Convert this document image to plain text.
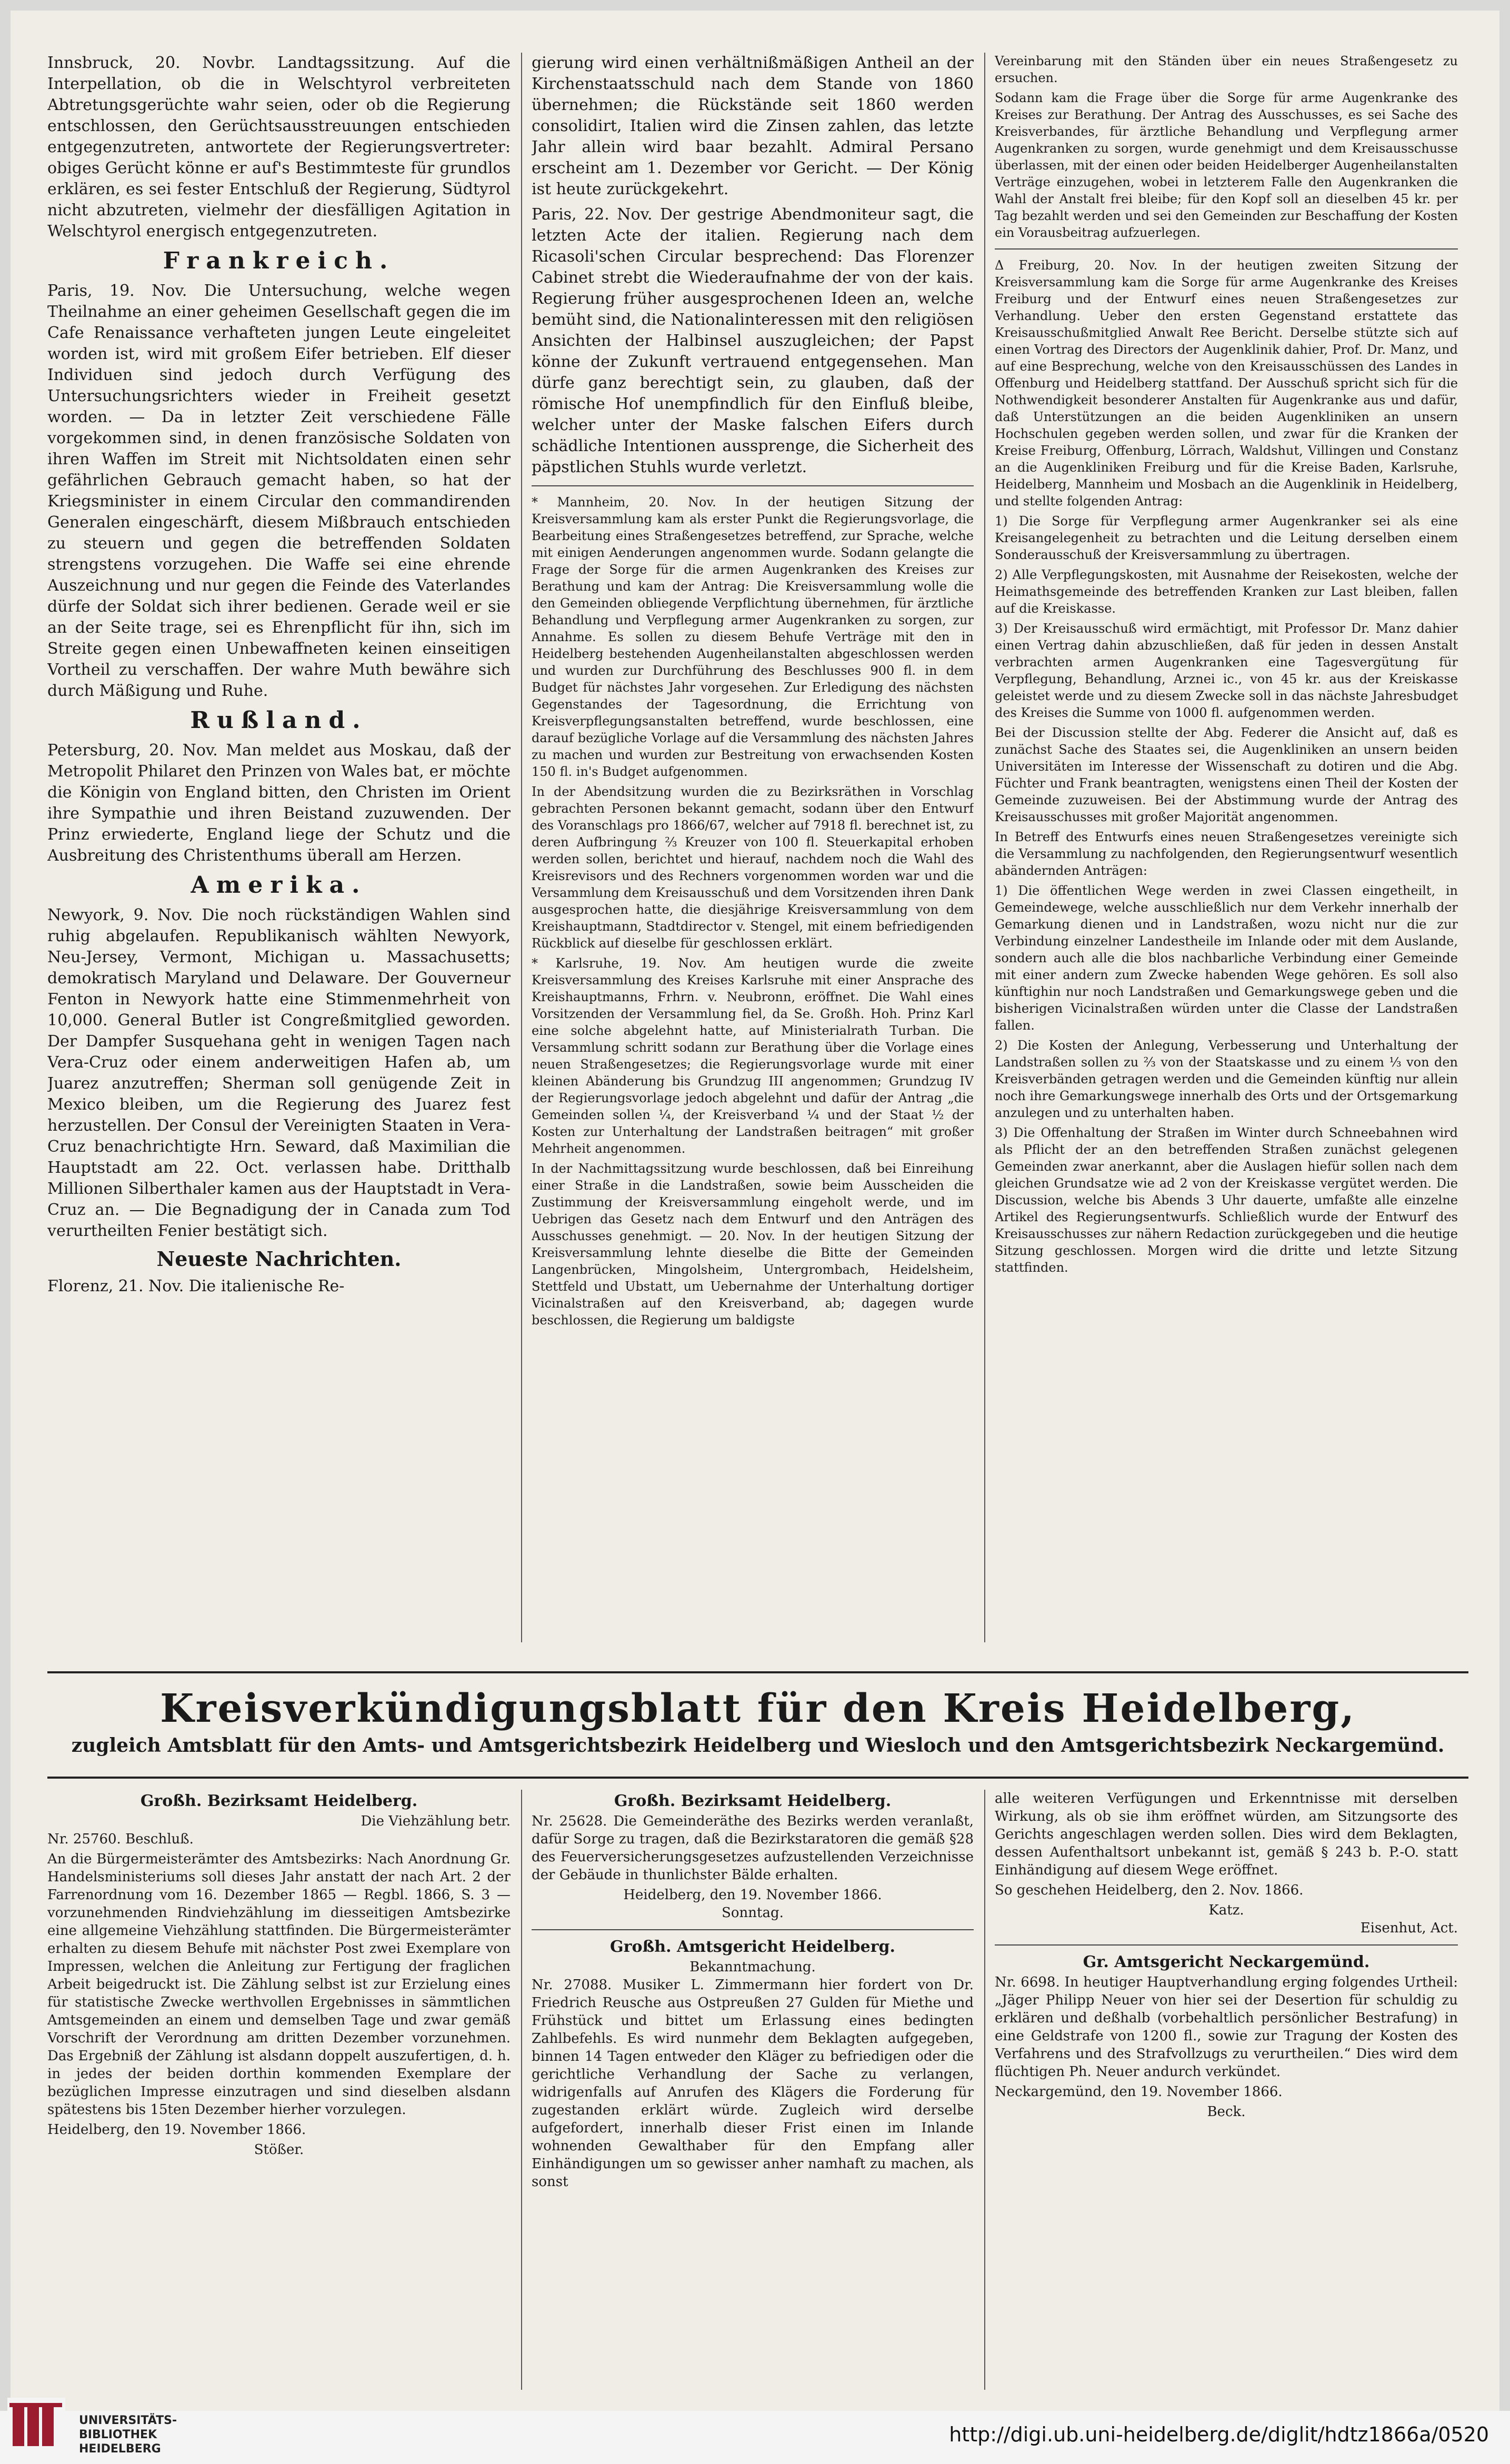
Innsbruck, 20. Novbr. Landtagssitzung. Auf die Interpellation, ob die in Welschtyrol verbreiteten Abtretungsgerüchte wahr seien, oder ob die Regierung entschlossen, den Gerüchtsausstreuungen entschieden entgegenzutreten, antwortete der Regierungsvertreter: obiges Gerücht könne er auf's Bestimmteste für grundlos erklären, es sei fester Entschluß der Regierung, Südtyrol nicht abzutreten, vielmehr der diesfälligen Agitation in Welschtyrol energisch entgegenzutreten.

Frankreich.

Paris, 19. Nov. Die Untersuchung, welche wegen Theilnahme an einer geheimen Gesellschaft gegen die im Cafe Renaissance verhafteten jungen Leute eingeleitet worden ist, wird mit großem Eifer betrieben. Elf dieser Individuen sind jedoch durch Verfügung des Untersuchungsrichters wieder in Freiheit gesetzt worden. — Da in letzter Zeit verschiedene Fälle vorgekommen sind, in denen französische Soldaten von ihren Waffen im Streit mit Nichtsoldaten einen sehr gefährlichen Gebrauch gemacht haben, so hat der Kriegsminister in einem Circular den commandirenden Generalen eingeschärft, diesem Mißbrauch entschieden zu steuern und gegen die betreffenden Soldaten strengstens vorzugehen. Die Waffe sei eine ehrende Auszeichnung und nur gegen die Feinde des Vaterlandes dürfe der Soldat sich ihrer bedienen. Gerade weil er sie an der Seite trage, sei es Ehrenpflicht für ihn, sich im Streite gegen einen Unbewaffneten keinen einseitigen Vortheil zu verschaffen. Der wahre Muth bewähre sich durch Mäßigung und Ruhe.

Rußland.

Petersburg, 20. Nov. Man meldet aus Moskau, daß der Metropolit Philaret den Prinzen von Wales bat, er möchte die Königin von England bitten, den Christen im Orient ihre Sympathie und ihren Beistand zuzuwenden. Der Prinz erwiederte, England liege der Schutz und die Ausbreitung des Christenthums überall am Herzen.

Amerika.

Newyork, 9. Nov. Die noch rückständigen Wahlen sind ruhig abgelaufen. Republikanisch wählten Newyork, Neu-Jersey, Vermont, Michigan u. Massachusetts; demokratisch Maryland und Delaware. Der Gouverneur Fenton in Newyork hatte eine Stimmenmehrheit von 10,000. General Butler ist Congreßmitglied geworden. Der Dampfer Susquehana geht in wenigen Tagen nach Vera-Cruz oder einem anderweitigen Hafen ab, um Juarez anzutreffen; Sherman soll genügende Zeit in Mexico bleiben, um die Regierung des Juarez fest herzustellen. Der Consul der Vereinigten Staaten in Vera-Cruz benachrichtigte Hrn. Seward, daß Maximilian die Hauptstadt am 22. Oct. verlassen habe. Dritthalb Millionen Silberthaler kamen aus der Hauptstadt in Vera-Cruz an. — Die Begnadigung der in Canada zum Tod verurtheilten Fenier bestätigt sich.

Neueste Nachrichten.

Florenz, 21. Nov. Die italienische Re-

gierung wird einen verhältnißmäßigen Antheil an der Kirchenstaatsschuld nach dem Stande von 1860 übernehmen; die Rückstände seit 1860 werden consolidirt, Italien wird die Zinsen zahlen, das letzte Jahr allein wird baar bezahlt. Admiral Persano erscheint am 1. Dezember vor Gericht. — Der König ist heute zurückgekehrt.

Paris, 22. Nov. Der gestrige Abendmoniteur sagt, die letzten Acte der italien. Regierung nach dem Ricasoli'schen Circular besprechend: Das Florenzer Cabinet strebt die Wiederaufnahme der von der kais. Regierung früher ausgesprochenen Ideen an, welche bemüht sind, die Nationalinteressen mit den religiösen Ansichten der Halbinsel auszugleichen; der Papst könne der Zukunft vertrauend entgegensehen. Man dürfe ganz berechtigt sein, zu glauben, daß der römische Hof unempfindlich für den Einfluß bleibe, welcher unter der Maske falschen Eifers durch schädliche Intentionen aussprenge, die Sicherheit des päpstlichen Stuhls wurde verletzt.

* Mannheim, 20. Nov. In der heutigen Sitzung der Kreisversammlung kam als erster Punkt die Regierungsvorlage, die Bearbeitung eines Straßengesetzes betreffend, zur Sprache, welche mit einigen Aenderungen angenommen wurde. Sodann gelangte die Frage der Sorge für die armen Augenkranken des Kreises zur Berathung und kam der Antrag: Die Kreisversammlung wolle die den Gemeinden obliegende Verpflichtung übernehmen, für ärztliche Behandlung und Verpflegung armer Augenkranken zu sorgen, zur Annahme. Es sollen zu diesem Behufe Verträge mit den in Heidelberg bestehenden Augenheilanstalten abgeschlossen werden und wurden zur Durchführung des Beschlusses 900 fl. in dem Budget für nächstes Jahr vorgesehen. Zur Erledigung des nächsten Gegenstandes der Tagesordnung, die Errichtung von Kreisverpflegungsanstalten betreffend, wurde beschlossen, eine darauf bezügliche Vorlage auf die Versammlung des nächsten Jahres zu machen und wurden zur Bestreitung von erwachsenden Kosten 150 fl. in's Budget aufgenommen.

In der Abendsitzung wurden die zu Bezirksräthen in Vorschlag gebrachten Personen bekannt gemacht, sodann über den Entwurf des Voranschlags pro 1866/67, welcher auf 7918 fl. berechnet ist, zu deren Aufbringung ⅔ Kreuzer von 100 fl. Steuerkapital erhoben werden sollen, berichtet und hierauf, nachdem noch die Wahl des Kreisrevisors und des Rechners vorgenommen worden war und die Versammlung dem Kreisausschuß und dem Vorsitzenden ihren Dank ausgesprochen hatte, die diesjährige Kreisversammlung von dem Kreishauptmann, Stadtdirector v. Stengel, mit einem befriedigenden Rückblick auf dieselbe für geschlossen erklärt.

* Karlsruhe, 19. Nov. Am heutigen wurde die zweite Kreisversammlung des Kreises Karlsruhe mit einer Ansprache des Kreishauptmanns, Frhrn. v. Neubronn, eröffnet. Die Wahl eines Vorsitzenden der Versammlung fiel, da Se. Großh. Hoh. Prinz Karl eine solche abgelehnt hatte, auf Ministerialrath Turban. Die Versammlung schritt sodann zur Berathung über die Vorlage eines neuen Straßengesetzes; die Regierungsvorlage wurde mit einer kleinen Abänderung bis Grundzug III angenommen; Grundzug IV der Regierungsvorlage jedoch abgelehnt und dafür der Antrag „die Gemeinden sollen ¼, der Kreisverband ¼ und der Staat ½ der Kosten zur Unterhaltung der Landstraßen beitragen“ mit großer Mehrheit angenommen.

In der Nachmittagssitzung wurde beschlossen, daß bei Einreihung einer Straße in die Landstraßen, sowie beim Ausscheiden die Zustimmung der Kreisversammlung eingeholt werde, und im Uebrigen das Gesetz nach dem Entwurf und den Anträgen des Ausschusses genehmigt. — 20. Nov. In der heutigen Sitzung der Kreisversammlung lehnte dieselbe die Bitte der Gemeinden Langenbrücken, Mingolsheim, Untergrombach, Heidelsheim, Stettfeld und Ubstatt, um Uebernahme der Unterhaltung dortiger Vicinalstraßen auf den Kreisverband, ab; dagegen wurde beschlossen, die Regierung um baldigste

Vereinbarung mit den Ständen über ein neues Straßengesetz zu ersuchen.

Sodann kam die Frage über die Sorge für arme Augenkranke des Kreises zur Berathung. Der Antrag des Ausschusses, es sei Sache des Kreisverbandes, für ärztliche Behandlung und Verpflegung armer Augenkranken zu sorgen, wurde genehmigt und dem Kreisausschusse überlassen, mit der einen oder beiden Heidelberger Augenheilanstalten Verträge einzugehen, wobei in letzterem Falle den Augenkranken die Wahl der Anstalt frei bleibe; für den Kopf soll an dieselben 45 kr. per Tag bezahlt werden und sei den Gemeinden zur Beschaffung der Kosten ein Vorausbeitrag aufzuerlegen.

Δ Freiburg, 20. Nov. In der heutigen zweiten Sitzung der Kreisversammlung kam die Sorge für arme Augenkranke des Kreises Freiburg und der Entwurf eines neuen Straßengesetzes zur Verhandlung. Ueber den ersten Gegenstand erstattete das Kreisausschußmitglied Anwalt Ree Bericht. Derselbe stützte sich auf einen Vortrag des Directors der Augenklinik dahier, Prof. Dr. Manz, und auf eine Besprechung, welche von den Kreisausschüssen des Landes in Offenburg und Heidelberg stattfand. Der Ausschuß spricht sich für die Nothwendigkeit besonderer Anstalten für Augenkranke aus und dafür, daß Unterstützungen an die beiden Augenkliniken an unsern Hochschulen gegeben werden sollen, und zwar für die Kranken der Kreise Freiburg, Offenburg, Lörrach, Waldshut, Villingen und Constanz an die Augenkliniken Freiburg und für die Kreise Baden, Karlsruhe, Heidelberg, Mannheim und Mosbach an die Augenklinik in Heidelberg, und stellte folgenden Antrag:

1) Die Sorge für Verpflegung armer Augenkranker sei als eine Kreisangelegenheit zu betrachten und die Leitung derselben einem Sonderausschuß der Kreisversammlung zu übertragen.

2) Alle Verpflegungskosten, mit Ausnahme der Reisekosten, welche der Heimathsgemeinde des betreffenden Kranken zur Last bleiben, fallen auf die Kreiskasse.

3) Der Kreisausschuß wird ermächtigt, mit Professor Dr. Manz dahier einen Vertrag dahin abzuschließen, daß für jeden in dessen Anstalt verbrachten armen Augenkranken eine Tagesvergütung für Verpflegung, Behandlung, Arznei ic., von 45 kr. aus der Kreiskasse geleistet werde und zu diesem Zwecke soll in das nächste Jahresbudget des Kreises die Summe von 1000 fl. aufgenommen werden.

Bei der Discussion stellte der Abg. Federer die Ansicht auf, daß es zunächst Sache des Staates sei, die Augenkliniken an unsern beiden Universitäten im Interesse der Wissenschaft zu dotiren und die Abg. Füchter und Frank beantragten, wenigstens einen Theil der Kosten der Gemeinde zuzuweisen. Bei der Abstimmung wurde der Antrag des Kreisausschusses mit großer Majorität angenommen.

In Betreff des Entwurfs eines neuen Straßengesetzes vereinigte sich die Versammlung zu nachfolgenden, den Regierungsentwurf wesentlich abändernden Anträgen:

1) Die öffentlichen Wege werden in zwei Classen eingetheilt, in Gemeindewege, welche ausschließlich nur dem Verkehr innerhalb der Gemarkung dienen und in Landstraßen, wozu nicht nur die zur Verbindung einzelner Landestheile im Inlande oder mit dem Auslande, sondern auch alle die blos nachbarliche Verbindung einer Gemeinde mit einer andern zum Zwecke habenden Wege gehören. Es soll also künftighin nur noch Landstraßen und Gemarkungswege geben und die bisherigen Vicinalstraßen würden unter die Classe der Landstraßen fallen.

2) Die Kosten der Anlegung, Verbesserung und Unterhaltung der Landstraßen sollen zu ⅔ von der Staatskasse und zu einem ⅓ von den Kreisverbänden getragen werden und die Gemeinden künftig nur allein noch ihre Gemarkungswege innerhalb des Orts und der Ortsgemarkung anzulegen und zu unterhalten haben.

3) Die Offenhaltung der Straßen im Winter durch Schneebahnen wird als Pflicht der an den betreffenden Straßen zunächst gelegenen Gemeinden zwar anerkannt, aber die Auslagen hiefür sollen nach dem gleichen Grundsatze wie ad 2 von der Kreiskasse vergütet werden. Die Discussion, welche bis Abends 3 Uhr dauerte, umfaßte alle einzelne Artikel des Regierungsentwurfs. Schließlich wurde der Entwurf des Kreisausschusses zur nähern Redaction zurückgegeben und die heutige Sitzung geschlossen. Morgen wird die dritte und letzte Sitzung stattfinden.

Kreisverkündigungsblatt für den Kreis Heidelberg,
zugleich Amtsblatt für den Amts- und Amtsgerichtsbezirk Heidelberg und Wiesloch und den Amtsgerichtsbezirk Neckargemünd.
Großh. Bezirksamt Heidelberg.
Die Viehzählung betr.
Nr. 25760. Beschluß.

An die Bürgermeisterämter des Amtsbezirks: Nach Anordnung Gr. Handelsministeriums soll dieses Jahr anstatt der nach Art. 2 der Farrenordnung vom 16. Dezember 1865 — Regbl. 1866, S. 3 — vorzunehmenden Rindviehzählung im diesseitigen Amtsbezirke eine allgemeine Viehzählung stattfinden. Die Bürgermeisterämter erhalten zu diesem Behufe mit nächster Post zwei Exemplare von Impressen, welchen die Anleitung zur Fertigung der fraglichen Arbeit beigedruckt ist. Die Zählung selbst ist zur Erzielung eines für statistische Zwecke werthvollen Ergebnisses in sämmtlichen Amtsgemeinden an einem und demselben Tage und zwar gemäß Vorschrift der Verordnung am dritten Dezember vorzunehmen. Das Ergebniß der Zählung ist alsdann doppelt auszufertigen, d. h. in jedes der beiden dorthin kommenden Exemplare der bezüglichen Impresse einzutragen und sind dieselben alsdann spätestens bis 15ten Dezember hierher vorzulegen.

Heidelberg, den 19. November 1866.
Stößer.
Großh. Bezirksamt Heidelberg.

Nr. 25628. Die Gemeinderäthe des Bezirks werden veranlaßt, dafür Sorge zu tragen, daß die Bezirkstaratoren die gemäß §28 des Feuerversicherungsgesetzes aufzustellenden Verzeichnisse der Gebäude in thunlichster Bälde erhalten.

Heidelberg, den 19. November 1866.
Sonntag.
Großh. Amtsgericht Heidelberg.
Bekanntmachung.

Nr. 27088. Musiker L. Zimmermann hier fordert von Dr. Friedrich Reusche aus Ostpreußen 27 Gulden für Miethe und Frühstück und bittet um Erlassung eines bedingten Zahlbefehls. Es wird nunmehr dem Beklagten aufgegeben, binnen 14 Tagen entweder den Kläger zu befriedigen oder die gerichtliche Verhandlung der Sache zu verlangen, widrigenfalls auf Anrufen des Klägers die Forderung für zugestanden erklärt würde. Zugleich wird derselbe aufgefordert, innerhalb dieser Frist einen im Inlande wohnenden Gewalthaber für den Empfang aller Einhändigungen um so gewisser anher namhaft zu machen, als sonst

alle weiteren Verfügungen und Erkenntnisse mit derselben Wirkung, als ob sie ihm eröffnet würden, am Sitzungsorte des Gerichts angeschlagen werden sollen. Dies wird dem Beklagten, dessen Aufenthaltsort unbekannt ist, gemäß § 243 b. P.-O. statt Einhändigung auf diesem Wege eröffnet.

So geschehen Heidelberg, den 2. Nov. 1866.
Katz.
Eisenhut, Act.
Gr. Amtsgericht Neckargemünd.

Nr. 6698. In heutiger Hauptverhandlung erging folgendes Urtheil: „Jäger Philipp Neuer von hier sei der Desertion für schuldig zu erklären und deßhalb (vorbehaltlich persönlicher Bestrafung) in eine Geldstrafe von 1200 fl., sowie zur Tragung der Kosten des Verfahrens und des Strafvollzugs zu verurtheilen.“ Dies wird dem flüchtigen Ph. Neuer andurch verkündet.

Neckargemünd, den 19. November 1866.
Beck.
UNIVERSITÄTS-
BIBLIOTHEK
HEIDELBERG
http://digi.ub.uni-heidelberg.de/diglit/hdtz1866a/0520
